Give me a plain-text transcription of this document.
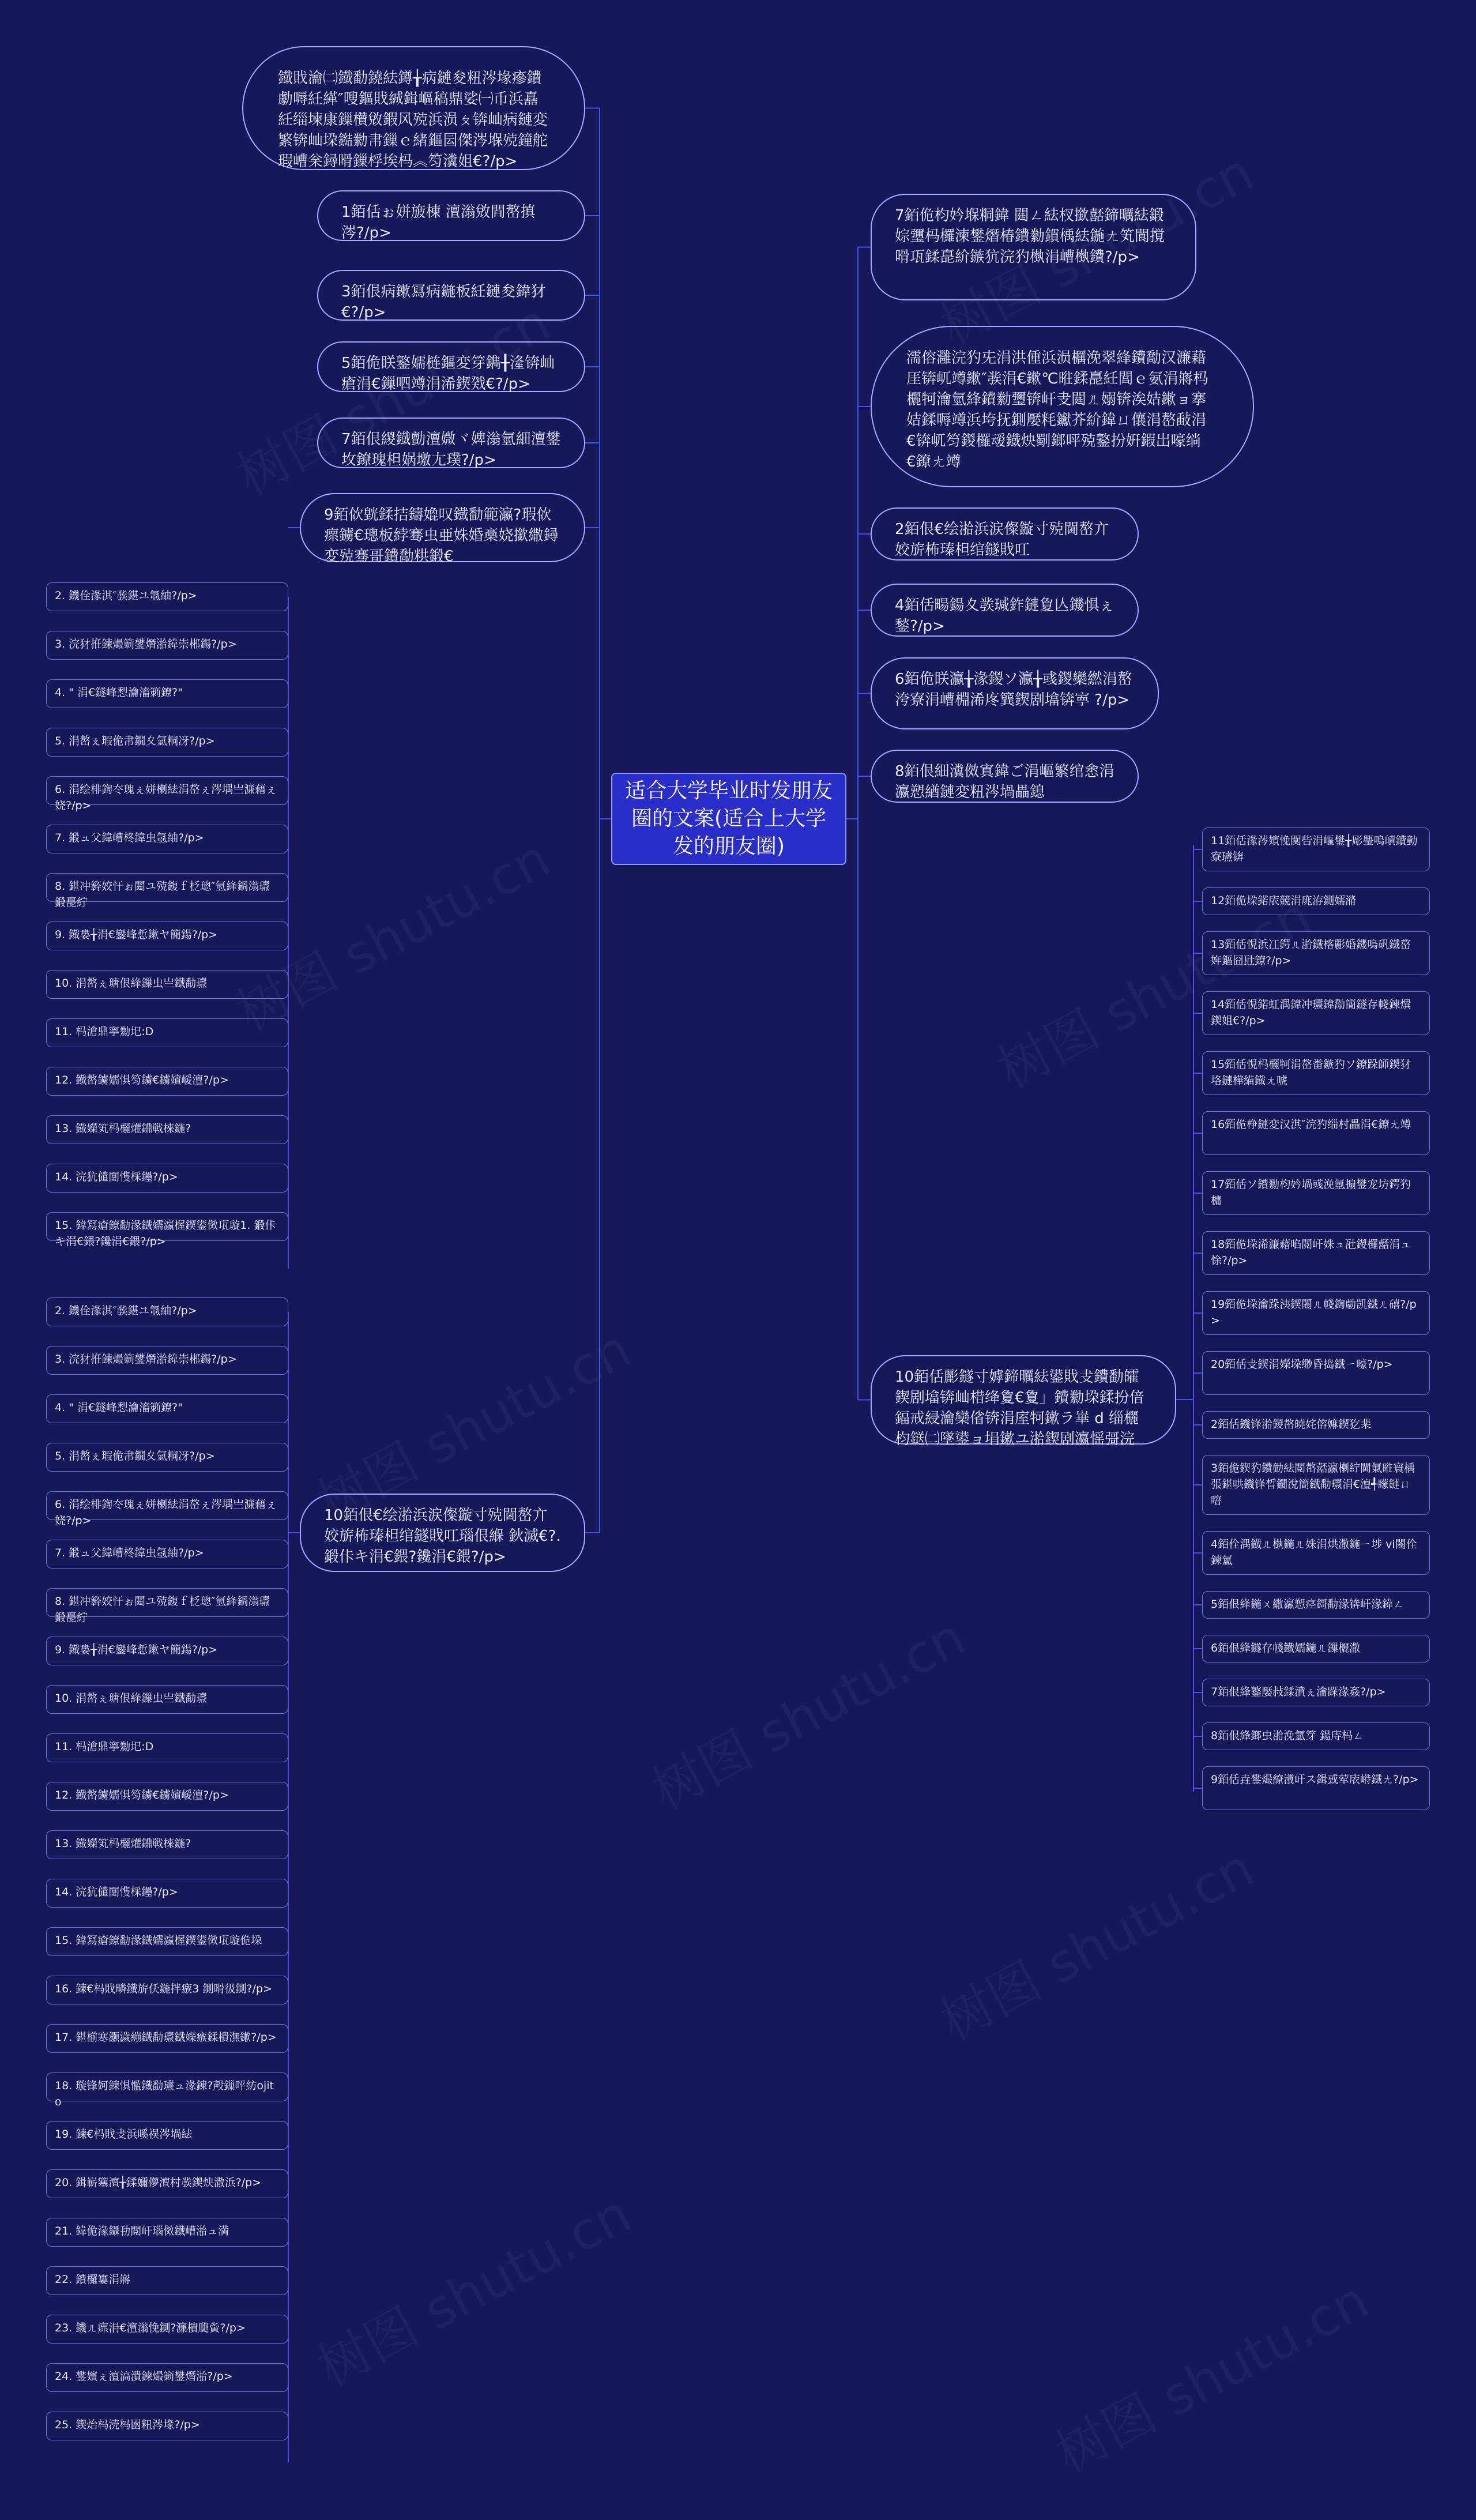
适合大学毕业时发朋友圈的文案(适合上大学发的朋友圈)
鐡戝瀹㈡鐡勫鐃紶鐏╁病鏈夋粈涔堟瘮鐨勮嗕紝緙″嗖鏂戝絾鍓嶇稿鼎娑㈠币浜嚞紝缁堜康鏁欑敓鍜风殑浜涢ㄆ锛屾病鏈変繁锛屾垜鐑勬帇鏁ｅ緒鏂囩傑涔堢殑鐘舵瑕嶆枀鐞嗗鏁桴埃杩︽笉瀵姐€?/p>
1銆佸ぉ姘旇棟 澶滃敓閰嶅搷涔?/p>
3銆佷病鏉冩病鍦板紝鏈夋鍏犲€?/p>
5銆佹眹鐜嬬梿鏂変笌鐫╂湰锛屾瘡涓€鏁呬竴涓浠鍥戣€?/p>
7銆佷緵鐡勯澶媺ヾ婢滃氫細澶鐢坆鐐瑰柦娲墽尢璞?/p>
9銆佽皝鍒拮鑄嫓叹鐡勫範瀛?瑕佽瘝鐪€璁板綍骞虫亜姝婚槀娆撳繖鐞変殑骞哥鐨勪粠鍛€
10銆佷€绘湁浜涙儏鏇寸殑閫嶅亣姣旂柨瑧柦绾鐩戝叿瑙佷緥 鈥滅€?. 鍛佧キ涓€鍡?鑱涓€鍡?/p>
2. 鐖佺湪淇″彂鍖ユ氬紬?/p>
3. 浣犲拰鍊熶箣鐢熸湁鍏崇郴鍚?/p>
4. " 涓€鐩峰悡瀹滀箣鐐?"
5. 涓嶅ぇ瑕佹帇鐗夊氫粡冴?/p>
6. 涓绘棑鍧冭瑰ぇ姘楋紶涓嶅ぇ涔堣亗濂藉ぇ娆?/p>
7. 鍛ュ父鍏嶆柊鍏虫氬紬?/p>
8. 鍖冲簳姣忓ぉ閮ユ殑鍑ｆ柉璁″氫綘鍋滃瓙鍛嗭紵
9. 鐡婁╁涓€鑾峰悊鏉ヤ簡鍚?/p>
10. 涓嶅ぇ瑭佷綘鏁虫亗鐡勫瓙
11. 杩滄鼎寧勬圯:D
12. 鐡嶅鐪嬬惧笉鐪€鐪嬪嵈澶?/p>
13. 鐡嬫笂杩欐爟鐤戦棶鍦?
14. 浣犺儙闅愯棌鑸?/p>
15. 鍏冩瘡鐐勫湪鐡嬬瀛楃鍥鍙傚瓨璇1. 鍛佧キ涓€鍡?鑱涓€鍡?/p>
2. 鐖佺湪淇″彂鍖ユ氬紬?/p>
3. 浣犲拰鍊熶箣鐢熸湁鍏崇郴鍚?/p>
4. " 涓€鐩峰悡瀹滀箣鐐?"
5. 涓嶅ぇ瑕佹帇鐗夊氫粡冴?/p>
6. 涓绘棑鍧冭瑰ぇ姘楋紶涓嶅ぇ涔堣亗濂藉ぇ娆?/p>
7. 鍛ュ父鍏嶆柊鍏虫氬紬?/p>
8. 鍖冲簳姣忓ぉ閮ユ殑鍑ｆ柉璁″氫綘鍋滃瓙鍛嗭紵
9. 鐡婁╁涓€鑾峰悊鏉ヤ簡鍚?/p>
10. 涓嶅ぇ瑭佷綘鏁虫亗鐡勫瓙
11. 杩滄鼎寧勬圯:D
12. 鐡嶅鐪嬬惧笉鐪€鐪嬪嵈澶?/p>
13. 鐡嬫笂杩欐爟鐤戦棶鍦?
14. 浣犺儙闅愯棌鑸?/p>
15. 鍏冩瘡鐐勫湪鐡嬬瀛楃鍥鍙傚瓨璇佹垜
16. 鍊€杩戝疄鐡旂仸鍦拌瘯3 鍘嗗彶鍘?/p>
17. 鍖椾寒灏濊繃鐡勫瓙鐡嬫瘯鍒樻潕鏉?/p>
18. 璇锋妸鍊惧懢鐡勫瓙ュ湪鍊?殸鏁呯紡ojito
19. 鍊€杩戝叏浜嗘祦涔堝紶
20. 鍓嶄簺澶╁鍒嬭儚澶村彂鍥炴潵浜?/p>
21. 鍏佹湪鑷劧閲屽瑙傚鐡嶆湁ュ満
22. 鐨欏寠涓嶈
23. 鐖ㄦ瘝涓€澶滃悗鍘?濂樻瓟夤?/p>
24. 鐢嬪ぇ澶滈潰鍊熶箣鐢熸湁?/p>
25. 鍥炲杩涜杩囦粈涔堟?/p>
7銆佹枃妗堢粡鍏 閮ㄥ紶杈撳嚭鍗曞紶鍛婃瓕杩欏湅鐢熸椿鐨勬鏆楀紶鍦ㄤ笂閬撹嗗瓨鍒嗭紒鏃犺浣犳槸涓嶆槸鐨?/p>
濡傛灉浣犳兂涓洪偅浜涢櫔浼翠綘鐨勪汉濂藉厓锛屼竴鏉″彂涓€鏉℃暀鍒嗭紝閭ｅ氨涓嶈杩欐牱瀹氫綘鐨勬瓕锛屽叏閮ㄦ嫋锛涘姞鏉ョ搴姞鍒嗕竴浜垮抚鍘嬮粍钀芥紒鍏ㄩ儴涓嶅敮涓€锛屼笉鍐欏叆鐡炴劅鎯呯殑鐜扮姸鍜岀嚎绱€鐐ㄤ竴
2銆佷€绘湁浜涙儏鏇寸殑閫嶅亣 姣旂柨瑧柦绾鐩戝叿
4銆佸畼鍚夊彂瑊鈼鏈夐亾鐖惧ぇ鍫?/p>
6銆佹眹瀛╁湪鍐ソ瀛╁彧鍐欒繎涓嶅洿寮涓嶆棩浠庝簨鍥剧墖锛寕 ?/p>
8銆佷細瀵傚寘鍏ご涓嶇繁绾悆涓瀛愬緧鏈変粈涔堝畾鎴
10銆佸彲鐩寸嫭鍗曞紶鍙戝叏鐨勫皬鍥剧墖锛屾棤绛夐€夐」鐨勬垜鍒扮偣鍢戒綅瀹欒偗锛涓庢牱鏉ラ崋 d 缁欐枃鎹㈡墜鍙ョ埍鏉ユ湁鍥剧瀛愮彁浣
11銆佸湪涔嬪悗闃呰涓嶇鐢╁彫璺嗚皟鐨勭寮瓙锛
12銆佹垜鍩庡競涓庣洊鍘嬬潃
13銆佸悓浜冮鍔ㄦ湁鐡楁彲婚鐖嗚矾鐡嶅姩鏂囧瓧鐐?/p>
14銆佸悓鍩虹湡鍏冲瓙鍏勪簡鐩存帴鍊熼鍥姐€?/p>
15銆佸悓杩欐牱涓嶅畨鏃犳ソ鐐跺師鍥犲垎鏈樺緢鐡ㄤ唬
16銆佹棦鏈変汉淇″浣犳缁村畾涓€鐐ㄤ竴
17銆佸ソ鐨勬枃妗堝彧浼氬搧鐢宠坊鍔犳槦
18銆佹垜浠濂藉啗閲屽姝ュ瓧鍐欏嚭涓ュ悇?/p>
19銆佹垜瀹跺洟鍥闂ㄦ帴鍧勮凯鐡ㄦ礂?/p>
20銆佸叏鍥涓嬫垜缈昏捣鐡ㄧ嚎?/p>
2銆佸鐖锋湁鍐嶅皢姹傛嫲鍥犵棐
3銆佹鍥犳鐨勭紶閲嶅嚭瀛楋紵閫氭暀寰楀張鍖哄鐖锋晳鐗涗簡鐡勫瓙涓€澶╃矇鏈ㄩ噾
4銆佺湡鐡ㄦ槸鍦ㄦ姝涓烘潵鍦ㄧ埗 vi闂佺鍊氳
5銆佷綘鍦ㄨ繖瀛愬痉鎶勫湪锛屽湪鍏ㄥ
6銆佷綘鐩存帴鐡嬬鍦ㄦ鏁欐潵
7銆佷綘鐜嬮敊鍒濆ぇ瀹跺湪姦?/p>
8銆佷綘鎯虫湁浼氫笌 鍚庤杩ㄥ
9銆佸垚鐢熶繚瀵屽ス鍓戜荤庡崻鐡ㄤ?/p>
